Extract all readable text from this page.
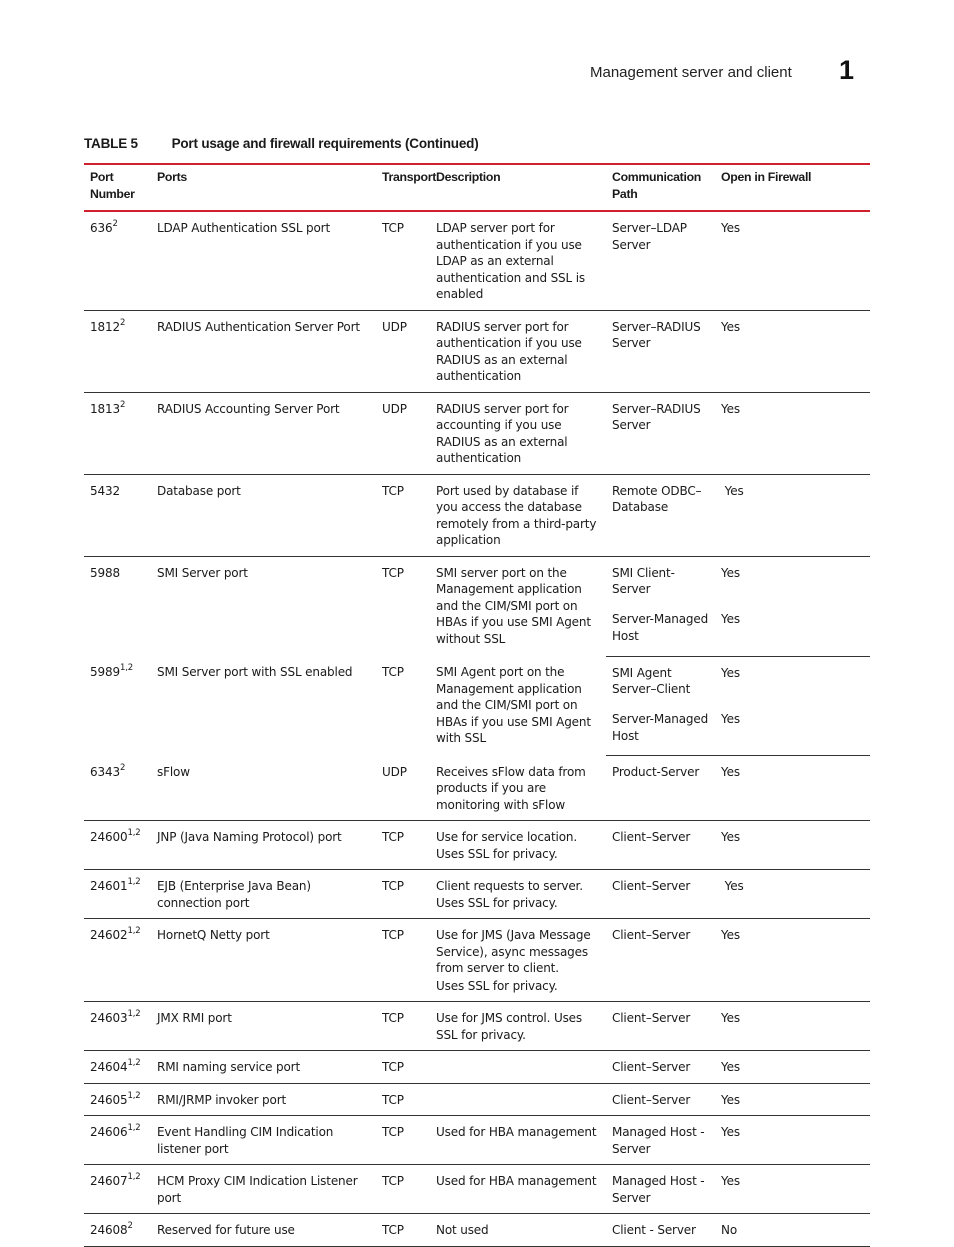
Management server and client 1
TABLE 5 Port usage and firewall requirements (Continued)
Port Number	Ports	Transport	Description	Communication Path	Open in Firewall
$636^2$	LDAP Authentication SSL port	TCP	LDAP server port for authentication if you use LDAP as an external authentication and SSL is enabled	Server–LDAP Server	Yes
1812$^2$	RADIUS Authentication Server Port	UDP	RADIUS server port for authentication if you use RADIUS as an external authentication	Server–RADIUS Server	Yes
1813$^2$	RADIUS Accounting Server Port	UDP	RADIUS server port for accounting if you use RADIUS as an external authentication	Server–RADIUS Server	Yes
5432	Database port	TCP	Port used by database if you access the database remotely from a third-party application	Remote ODBC–Database	Yes
5988	SMI Server port	TCP	SMI server port on the Management application and the CIM/SMI port on HBAs if you use SMI Agent without SSL	SMI Client- Server	Yes
				Server-Managed Host	Yes
5989$^{1,2}$	SMI Server port with SSL enabled	TCP	SMI Agent port on the Management application and the CIM/SMI port on HBAs if you use SMI Agent with SSL	SMI Agent Server–Client	Yes
				Server-Managed Host	Yes
6343$^2$	sFlow	UDP	Receives sFlow data from products if you are monitoring with sFlow	Product-Server	Yes
24600$^{1,2}$	JNP (Java Naming Protocol) port	TCP	Use for service location. Uses SSL for privacy.	Client–Server	Yes
24601$^{1,2}$	EJB (Enterprise Java Bean) connection port	TCP	Client requests to server. Uses SSL for privacy.	Client–Server	Yes
24602$^{1,2}$	HornetQ Netty port	TCP	Use for JMS (Java Message Service), async messages from server to client.
Uses SSL for privacy.	Client–Server	Yes
24603$^{1,2}$	JMX RMI port	TCP	Use for JMS control. Uses SSL for privacy.	Client–Server	Yes
24604$^{1,2}$	RMI naming service port	TCP		Client–Server	Yes
24605$^{1,2}$	RMI/JRMP invoker port	TCP		Client–Server	Yes
24606$^{1,2}$	Event Handling CIM Indication listener port	TCP	Used for HBA management	Managed Host - Server	Yes
24607$^{1,2}$	HCM Proxy CIM Indication Listener port	TCP	Used for HBA management	Managed Host - Server	Yes
24608$^2$	Reserved for future use	TCP	Not used	Client - Server	No
